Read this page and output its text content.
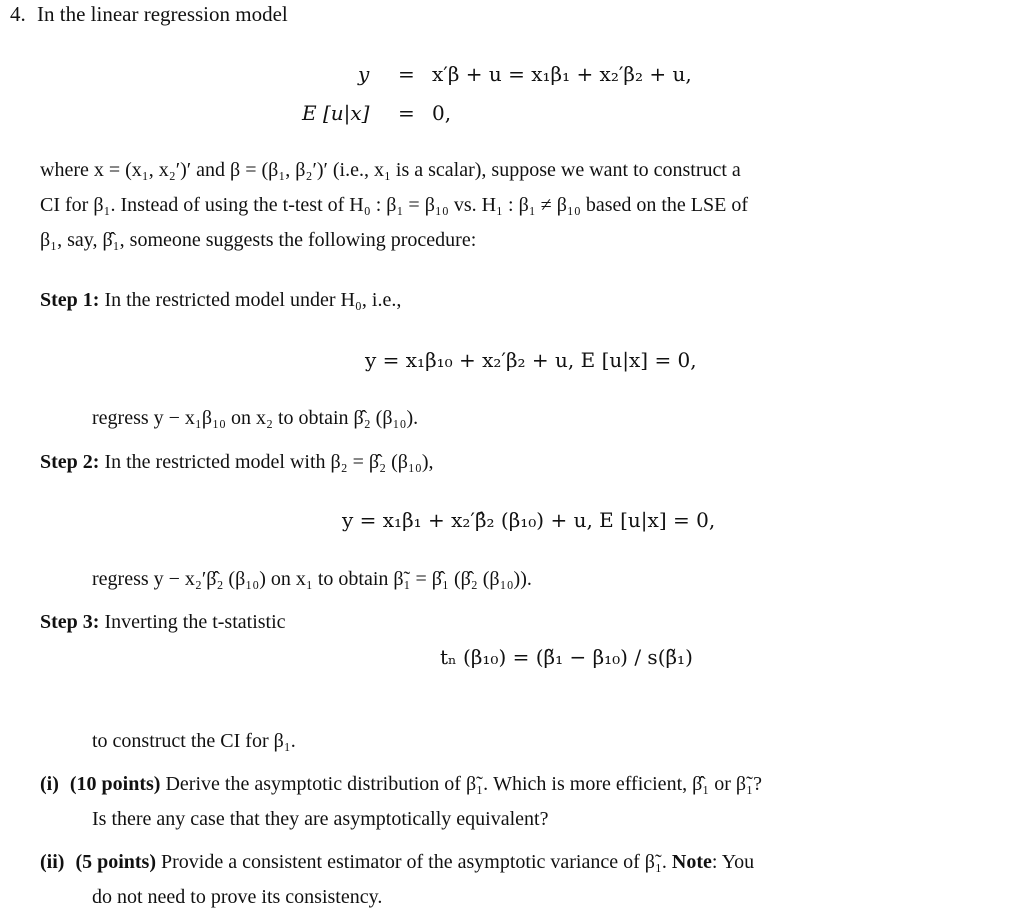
4. In the linear regression model
y = x′β + u = x₁β₁ + x₂′β₂ + u,
E [u|x] = 0,
where x = (x₁, x₂′)′ and β = (β₁, β₂′)′ (i.e., x₁ is a scalar), suppose we want to construct a
CI for β₁. Instead of using the t-test of H₀ : β₁ = β₁₀ vs. H₁ : β₁ ≠ β₁₀ based on the LSE of
β₁, say, β̂₁, someone suggests the following procedure:
Step 1: In the restricted model under H₀, i.e.,
y = x₁β₁₀ + x₂′β₂ + u, E [u|x] = 0,
regress y − x₁β₁₀ on x₂ to obtain β̂₂ (β₁₀).
Step 2: In the restricted model with β₂ = β̂₂ (β₁₀),
y = x₁β₁ + x₂′β̂₂ (β₁₀) + u, E [u|x] = 0,
regress y − x₂′β̂₂ (β₁₀) on x₁ to obtain β̃₁ = β̂₁ (β̂₂ (β₁₀)).
Step 3: Inverting the t-statistic
tₙ (β₁₀) = (β̃₁ − β₁₀) / s(β̃₁)
to construct the CI for β₁.
(i) (10 points) Derive the asymptotic distribution of β̃₁. Which is more efficient, β̂₁ or β̃₁?
Is there any case that they are asymptotically equivalent?
(ii) (5 points) Provide a consistent estimator of the asymptotic variance of β̃₁. Note: You
do not need to prove its consistency.
